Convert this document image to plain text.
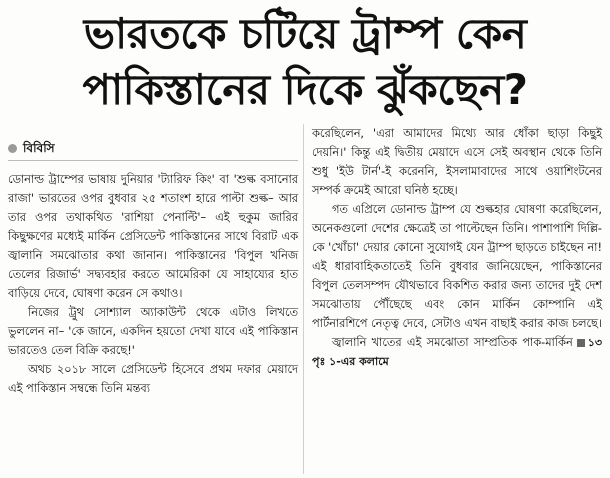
ভারতকে চটিয়ে ট্রাম্প কেন
পাকিস্তানের দিকে ঝুঁকছেন?
বিবিসি

ডোনাল্ড ট্রাম্পের ভাষায় দুনিয়ার 'ট্যারিফ কিং' বা 'শুল্ক বসানোর রাজা' ভারতের ওপর বুধবার ২৫ শতাংশ হারে পাল্টা শুল্ক– আর তার ওপর তথাকথিত 'রাশিয়া পেনাল্টি'– এই হুকুম জারির কিছুক্ষণের মধ্যেই মার্কিন প্রেসিডেন্ট পাকিস্তানের সাথে বিরাট এক জ্বালানি সমঝোতার কথা জানান। পাকিস্তানের 'বিপুল খনিজ তেলের রিজার্ভ' সদ্ব্যবহার করতে আমেরিকা যে সাহায্যের হাত বাড়িয়ে দেবে, ঘোষণা করেন সে কথাও।

নিজের ট্রুথ সোশ্যাল অ্যাকাউন্ট থেকে এটাও লিখতে ভুললেন না– 'কে জানে, একদিন হয়তো দেখা যাবে এই পাকিস্তান ভারতেও তেল বিক্রি করছে!'

অথচ ২০১৮ সালে প্রেসিডেন্ট হিসেবে প্রথম দফার মেয়াদে এই পাকিস্তান সম্বন্ধে তিনি মন্তব্য

করেছিলেন, 'এরা আমাদের মিথ্যে আর ধোঁকা ছাড়া কিছুই দেয়নি।' কিন্তু এই দ্বিতীয় মেয়াদে এসে সেই অবস্থান থেকে তিনি শুধু 'ইউ টার্ন'-ই করেননি, ইসলামাবাদের সাথে ওয়াশিংটনের সম্পর্ক ক্রমেই আরো ঘনিষ্ঠ হচ্ছে।

গত এপ্রিলে ডোনাল্ড ট্রাম্প যে শুল্কহার ঘোষণা করেছিলেন, অনেকগুলো দেশের ক্ষেত্রেই তা পাল্টেছেন তিনি। পাশাপাশি দিল্লি-কে 'খোঁচা' দেয়ার কোনো সুযোগই যেন ট্রাম্প ছাড়তে চাইছেন না! এই ধারাবাহিকতাতেই তিনি বুধবার জানিয়েছেন, পাকিস্তানের বিপুল তেলসম্পদ যৌথভাবে বিকশিত করার জন্য তাদের দুই দেশ সমঝোতায় পৌঁছেছে এবং কোন মার্কিন কোম্পানি এই পার্টনারশিপে নেতৃত্ব দেবে, সেটাও এখন বাছাই করার কাজ চলছে।

জ্বালানি খাতের এই সমঝোতা সাম্প্রতিক পাক-মার্কিন ১৩ পৃঃ ১-এর কলামে
